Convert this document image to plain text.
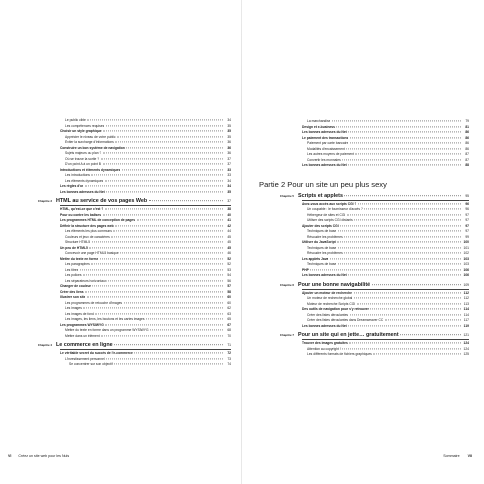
Le public cible	34
Les compétences requises	35
Choisir un style graphique	35
Apprécier le niveau de votre public	35
Éviter la surcharge d'informations	36
Construire un bon système de navigation	36
Sujets majeurs ou plan ?	36
Où se trouve la sortie ?	37
D'un point A à un point B	37
Introductions et éléments dynamiques	33
Les introductions	33
Les éléments dynamiques	34
Les règles d'or	34
Les bonnes adresses du Net	35
Chapitre 3 HTML au service de vos pages Web	37
HTML, qu'est-ce que c'est ?	38
Pour ou contre les balises	40
Les programmes HTML de conception de pages	41
Définir la structure des pages web	42
Les éléments les plus communs	44
Couleurs et jeux de caractères	45
Structure HTML5	45
Un peu de HTML5	45
Concevoir une page HTML5 basique	46
Mettre du texte en forme	52
Les paragraphes	52
Les titres	53
Les polices	54
Les séparateurs horizontaux	56
Changer de couleur	57
Créer des liens	58
Illustrer son site	60
Les programmes de retouche d'images	60
Les images	62
Les images de fond	63
Les images, les liens, les boutons et les cartes images	65
Les programmes WYSIWYG	67
Mettre du texte en forme dans un programme WYSIWYG	68
Mettre dans un élément	70
Chapitre 4 Le commerce en ligne	71
Le véritable secret du succès de l'e-commerce	72
L'investissement personnel	73
Se concentrer sur son objectif	74
VI Créez un site web pour les Nuls
La marchandise	79
Design et e-business	81
Les bonnes adresses du Net	86
Le paiement des transactions	86
Paiement par carte bancaire	86
Modalités d'encaissement	86
Les autres moyens de paiement	87
Convertir les monnaies	87
Les bonnes adresses du Net	88
Partie 2 Pour un site un peu plus sexy
Chapitre 5 Scripts et applets	95
Avez-vous accès aux scripts CGI ?	96
Un coupable : le fournisseur d'accès ?	96
Hébergeur de sites et CGI	97
Utiliser des scripts CGI distants	97
Ajouter des scripts CGI	97
Techniques de base	97
Résoudre les problèmes	99
Utiliser du JavaScript	100
Techniques de base	101
Résoudre les problèmes	102
Les applets Java	103
Techniques de base	103
PHP	106
Les bonnes adresses du Net	106
Chapitre 6 Pour une bonne navigabilité	109
Ajouter un moteur de recherche	112
Un moteur de recherche global	112
Moteur de recherche Scripts CGI	113
Des outils de navigation pour s'y retrouver	114
Créer des listes déroulantes	114
Créer des listes déroulantes dans Dreamweaver CC	117
Les bonnes adresses du Net	119
Chapitre 7 Pour un site qui en jette… gratuitement	121
Trouver des images gratuites	124
Attention au copyright !	124
Les différents formats de fichiers graphiques	125
Sommaire VII
